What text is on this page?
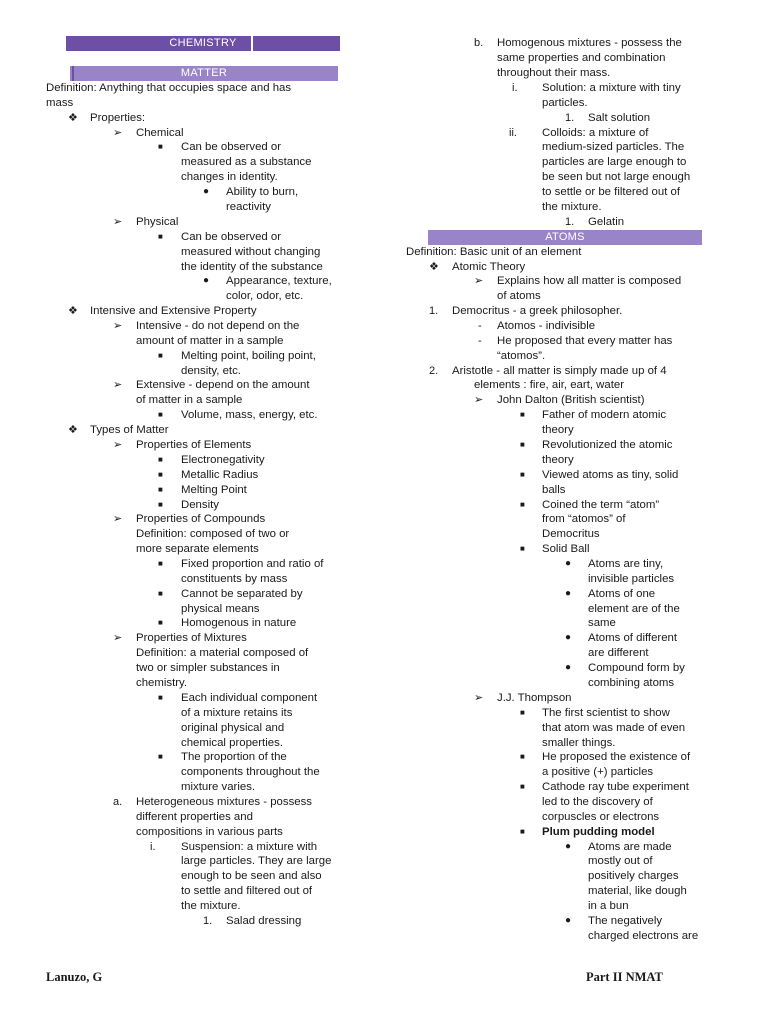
CHEMISTRY
MATTER
ATOMS
Definition: Anything that occupies space and has
mass
❖ Properties:
➢ Chemical
■ Can be observed or
measured as a substance
changes in identity.
● Ability to burn,
reactivity
➢ Physical
■ Can be observed or
measured without changing
the identity of the substance
● Appearance, texture,
color, odor, etc.
❖ Intensive and Extensive Property
➢ Intensive - do not depend on the
amount of matter in a sample
■ Melting point, boiling point,
density, etc.
➢ Extensive - depend on the amount
of matter in a sample
■ Volume, mass, energy, etc.
❖ Types of Matter
➢ Properties of Elements
■ Electronegativity
■ Metallic Radius
■ Melting Point
■ Density
➢ Properties of Compounds
Definition: composed of two or
more separate elements
■ Fixed proportion and ratio of
constituents by mass
■ Cannot be separated by
physical means
■ Homogenous in nature
➢ Properties of Mixtures
Definition: a material composed of
two or simpler substances in
chemistry.
■ Each individual component
of a mixture retains its
original physical and
chemical properties.
■ The proportion of the
components throughout the
mixture varies.
a. Heterogeneous mixtures - possess
different properties and
compositions in various parts
i. Suspension: a mixture with
large particles. They are large
enough to be seen and also
to settle and filtered out of
the mixture.
1. Salad dressing
b. Homogenous mixtures - possess the
same properties and combination
throughout their mass.
i. Solution: a mixture with tiny
particles.
1. Salt solution
ii. Colloids: a mixture of
medium-sized particles. The
particles are large enough to
be seen but not large enough
to settle or be filtered out of
the mixture.
1. Gelatin
Definition: Basic unit of an element
❖ Atomic Theory
➢ Explains how all matter is composed
of atoms
1. Democritus - a greek philosopher.
- Atomos - indivisible
- He proposed that every matter has
“atomos”.
2. Aristotle - all matter is simply made up of 4
elements : fire, air, eart, water
➢ John Dalton (British scientist)
■ Father of modern atomic
theory
■ Revolutionized the atomic
theory
■ Viewed atoms as tiny, solid
balls
■ Coined the term “atom”
from “atomos” of
Democritus
■ Solid Ball
● Atoms are tiny,
invisible particles
● Atoms of one
element are of the
same
● Atoms of different
are different
● Compound form by
combining atoms
➢ J.J. Thompson
■ The first scientist to show
that atom was made of even
smaller things.
■ He proposed the existence of
a positive (+) particles
■ Cathode ray tube experiment
led to the discovery of
corpuscles or electrons
■ Plum pudding model
● Atoms are made
mostly out of
positively charges
material, like dough
in a bun
● The negatively
charged electrons are
Lanuzo, G	Part II NMAT
